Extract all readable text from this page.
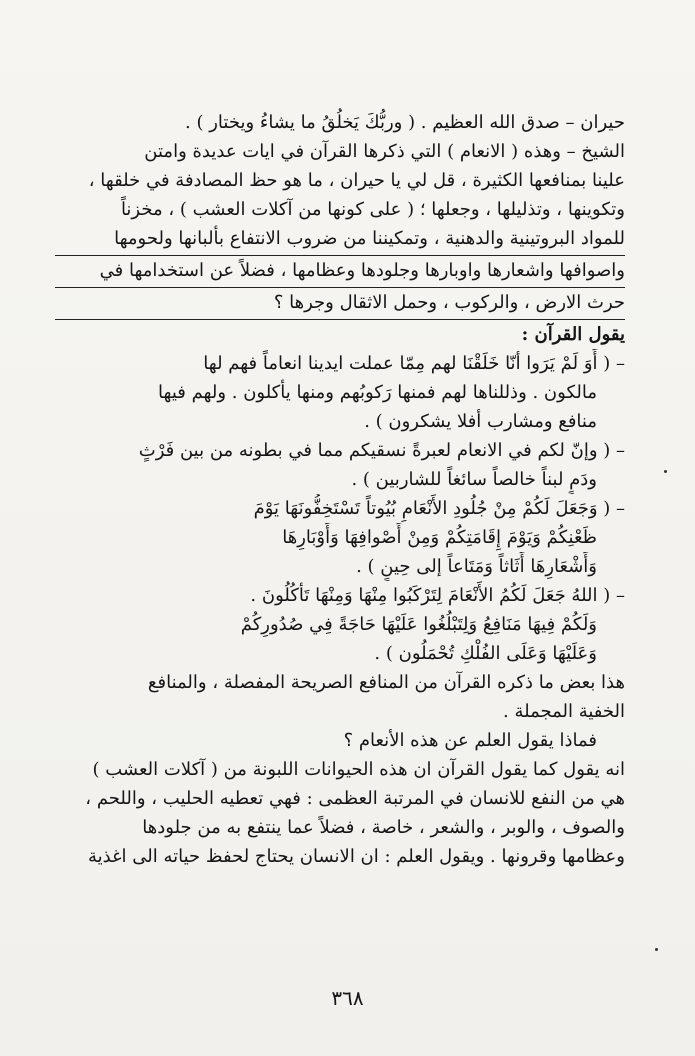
حيران – صدق الله العظيم . ( وربُّكَ يَخلُقُ ما يشاءُ ويختار ) .
الشيخ – وهذه ( الانعام ) التي ذكرها القرآن في ايات عديدة وامتن
علينا بمنافعها الكثيرة ، قل لي يا حيران ، ما هو حظ المصادفة في خلقها ،
وتكوينها ، وتذليلها ، وجعلها ؛ ( على كونها من آكلات العشب ) ، مخزناً
للمواد البروتينية والدهنية ، وتمكيننا من ضروب الانتفاع بألبانها ولحومها
واصوافها واشعارها واوبارها وجلودها وعظامها ، فضلاً عن استخدامها في
حرث الارض ، والركوب ، وحمل الاثقال وجرها ؟
يقول القرآن :
– ( أَوَ لَمْ يَرَوا أنّا خَلَقْنَا لهم مِمّا عملت ايدينا انعاماً فهم لها
مالكون . وذللناها لهم فمنها رَكوبُهم ومنها يأكلون . ولهم فيها
منافع ومشارب أفلا يشكرون ) .
– ( وإنّ لكم في الانعام لعبرةً نسقيكم مما في بطونه من بين فَرْثٍ
ودَمٍ لبناً خالصاً سائغاً للشاربين ) .
– ( وَجَعَلَ لَكُمْ مِنْ جُلُودِ الأَنْعَامِ بُيُوتاً تَسْتَخِفُّونَهَا يَوْمَ
ظَعْنِكُمْ وَيَوْمَ إِقَامَتِكُمْ وَمِنْ أَصْوافِهَا وَأَوْبَارِهَا
وَأَشْعَارِهَا أَثَاثاً وَمَتَاعاً إلى حِينٍ ) .
– ( اللهُ جَعَلَ لَكُمُ الأَنْعَامَ لِتَرْكَبُوا مِنْهَا وَمِنْهَا تَأْكُلُونَ .
وَلَكُمْ فِيهَا مَنَافِعُ وَلِتَبْلُغُوا عَلَيْهَا حَاجَةً فِي صُدُورِكُمْ
وَعَلَيْهَا وَعَلَى الفُلْكِ تُحْمَلُون ) .
هذا بعض ما ذكره القرآن من المنافع الصريحة المفصلة ، والمنافع
الخفية المجملة .
فماذا يقول العلم عن هذه الأنعام ؟
انه يقول كما يقول القرآن ان هذه الحيوانات اللبونة من ( آكلات العشب )
هي من النفع للانسان في المرتبة العظمى : فهي تعطيه الحليب ، واللحم ،
والصوف ، والوبر ، والشعر ، خاصة ، فضلاً عما ينتفع به من جلودها
وعظامها وقرونها . ويقول العلم : ان الانسان يحتاج لحفظ حياته الى اغذية
٣٦٨
